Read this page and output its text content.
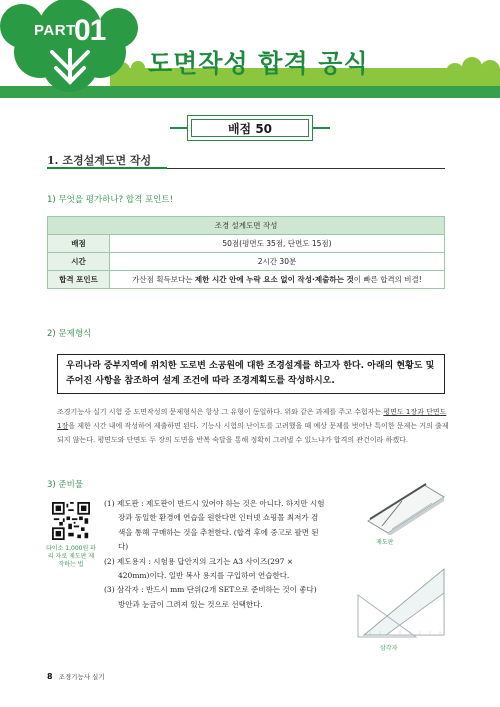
PART
01
도면작성 합격 공식
배점 50
1. 조경설계도면 작성
1) 무엇을 평가하나? 합격 포인트!
조경 설계도면 작성	
배점	50점(평면도 35점, 단면도 15점)
시간	2시간 30분
합격 포인트	가산점 획득보다는 제한 시간 안에 누락 요소 없이 작성·제출하는 것이 빠른 합격의 비결!
2) 문제형식
우리나라 중부지역에 위치한 도로변 소공원에 대한 조경설계를 하고자 한다. 아래의 현황도 및 주어진 사항을 참조하여 설계 조건에 따라 조경계획도를 작성하시오.
조경기능사 실기 시험 중 도면작성의 문제형식은 항상 그 유형이 동일하다. 위와 같은 과제를 주고 수험자는 평면도 1장과 단면도 1장을 제한 시간 내에 작성하여 제출하면 된다. 기능사 시험의 난이도를 고려했을 때 예상 문제를 벗어난 특이한 문제는 거의 출제되지 않는다. 평면도와 단면도 두 장의 도면을 반복 숙달을 통해 정확히 그려낼 수 있느냐가 합격의 관건이라 하겠다.
3) 준비물
다이소 1,000원 파리 자로 제도판 제작하는 법

(1) 제도판 : 제도판이 반드시 있어야 하는 것은 아니다. 하지만 시험

장과 동일한 환경에 연습을 원한다면 인터넷 쇼핑몰 최저가 검

색을 통해 구매하는 것을 추천한다. (합격 후에 중고로 팔면 된

다)

(2) 제도용지 : 시험용 답안지의 크기는 A3 사이즈(297 ×

420mm)이다. 일반 복사 용지를 구입하여 연습한다.

(3) 삼각자 : 반드시 mm 단위(2개 SET으로 준비하는 것이 좋다)

방안과 눈금이 그려져 있는 것으로 선택한다.

제도판
삼각자
8 조경기능사 실기
